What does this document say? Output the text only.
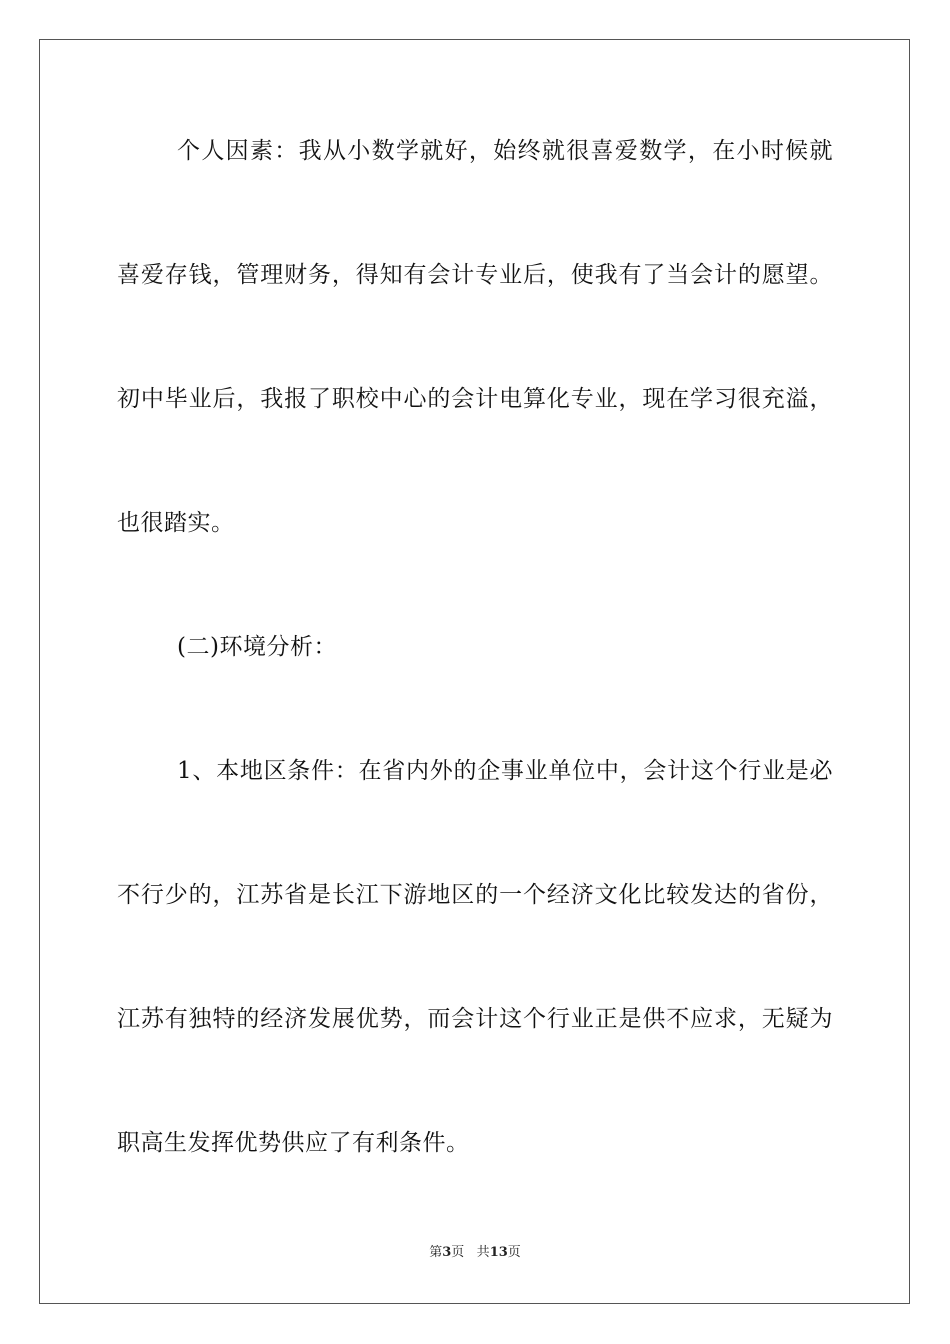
个人因素：我从小数学就好，始终就很喜爱数学，在小时候就
喜爱存钱，管理财务，得知有会计专业后，使我有了当会计的愿望。
初中毕业后，我报了职校中心的会计电算化专业，现在学习很充溢，
也很踏实。
(二)环境分析：
1、本地区条件：在省内外的企事业单位中，会计这个行业是必
不行少的，江苏省是长江下游地区的一个经济文化比较发达的省份，
江苏有独特的经济发展优势，而会计这个行业正是供不应求，无疑为
职高生发挥优势供应了有利条件。
第3页 共13页
